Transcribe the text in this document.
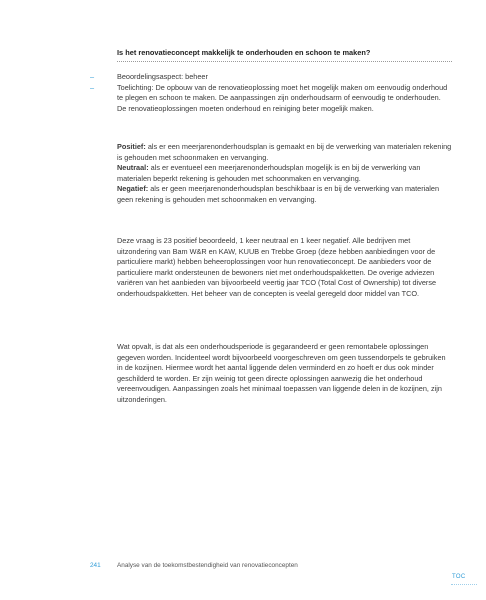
Is het renovatieconcept makkelijk te onderhouden en schoon te maken?
–	Beoordelingsaspect: beheer

–	Toelichting: De opbouw van de renovatieoplossing moet het mogelijk maken om eenvoudig onderhoud te plegen en schoon te maken. De aanpassingen zijn onderhoudsarm of eenvoudig te onderhouden. De renovatieoplossingen moeten onderhoud en reiniging beter mogelijk maken.

Positief: als er een meerjarenonderhoudsplan is gemaakt en bij de verwerking van materialen rekening is gehouden met schoonmaken en vervanging.
Neutraal: als er eventueel een meerjarenonderhoudsplan mogelijk is en bij de verwerking van materialen beperkt rekening is gehouden met schoonmaken en vervanging.
Negatief: als er geen meerjarenonderhoudsplan beschikbaar is en bij de verwerking van materialen geen rekening is gehouden met schoonmaken en vervanging.

Deze vraag is 23 positief beoordeeld, 1 keer neutraal en 1 keer negatief. Alle bedrijven met uitzondering van Bam W&R en KAW, KUUB en Trebbe Groep (deze hebben aanbiedingen voor de particuliere markt) hebben beheeroplossingen voor hun renovatieconcept. De aanbieders voor de particuliere markt ondersteunen de bewoners niet met onderhoudspakketten. De overige adviezen variëren van het aanbieden van bijvoorbeeld veertig jaar TCO (Total Cost of Ownership) tot diverse onderhoudspakketten. Het beheer van de concepten is veelal geregeld door middel van TCO.

Wat opvalt, is dat als een onderhoudsperiode is gegarandeerd er geen remontabele oplossingen gegeven worden. Incidenteel wordt bijvoorbeeld voorgeschreven om geen tussendorpels te gebruiken in de kozijnen. Hiermee wordt het aantal liggende delen verminderd en zo hoeft er dus ook minder geschilderd te worden. Er zijn weinig tot geen directe oplossingen aanwezig die het onderhoud vereenvoudigen. Aanpassingen zoals het minimaal toepassen van liggende delen in de kozijnen, zijn uitzonderingen.

241	Analyse van de toekomstbestendigheid van renovatieconcepten
TOC
